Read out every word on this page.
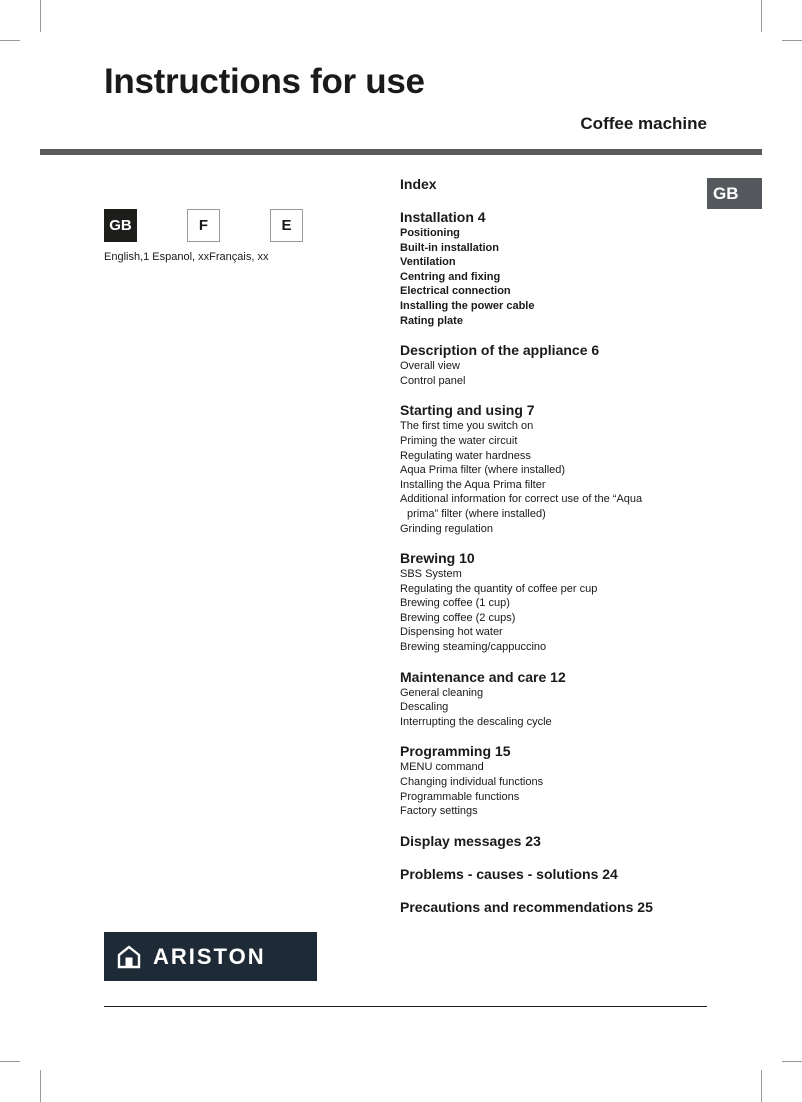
Instructions for use
Coffee machine
GB
GB	F	E
English,1 Espanol, xxFrançais, xx
Index
Installation 4
Positioning
Built-in installation
Ventilation
Centring and fixing
Electrical connection
Installing the power cable
Rating plate
Description of the appliance 6
Overall view
Control panel
Starting and using 7
The first time you switch on
Priming the water circuit
Regulating water hardness
Aqua Prima filter (where installed)
Installing the Aqua Prima filter
Additional information for correct use of the “Aqua
prima” filter (where installed)
Grinding regulation
Brewing 10
SBS System
Regulating the quantity of coffee per cup
Brewing coffee (1 cup)
Brewing coffee (2 cups)
Dispensing hot water
Brewing steaming/cappuccino
Maintenance and care 12
General cleaning
Descaling
Interrupting the descaling cycle
Programming 15
MENU command
Changing individual functions
Programmable functions
Factory settings
Display messages 23
Problems - causes - solutions 24
Precautions and recommendations 25
ARISTON
